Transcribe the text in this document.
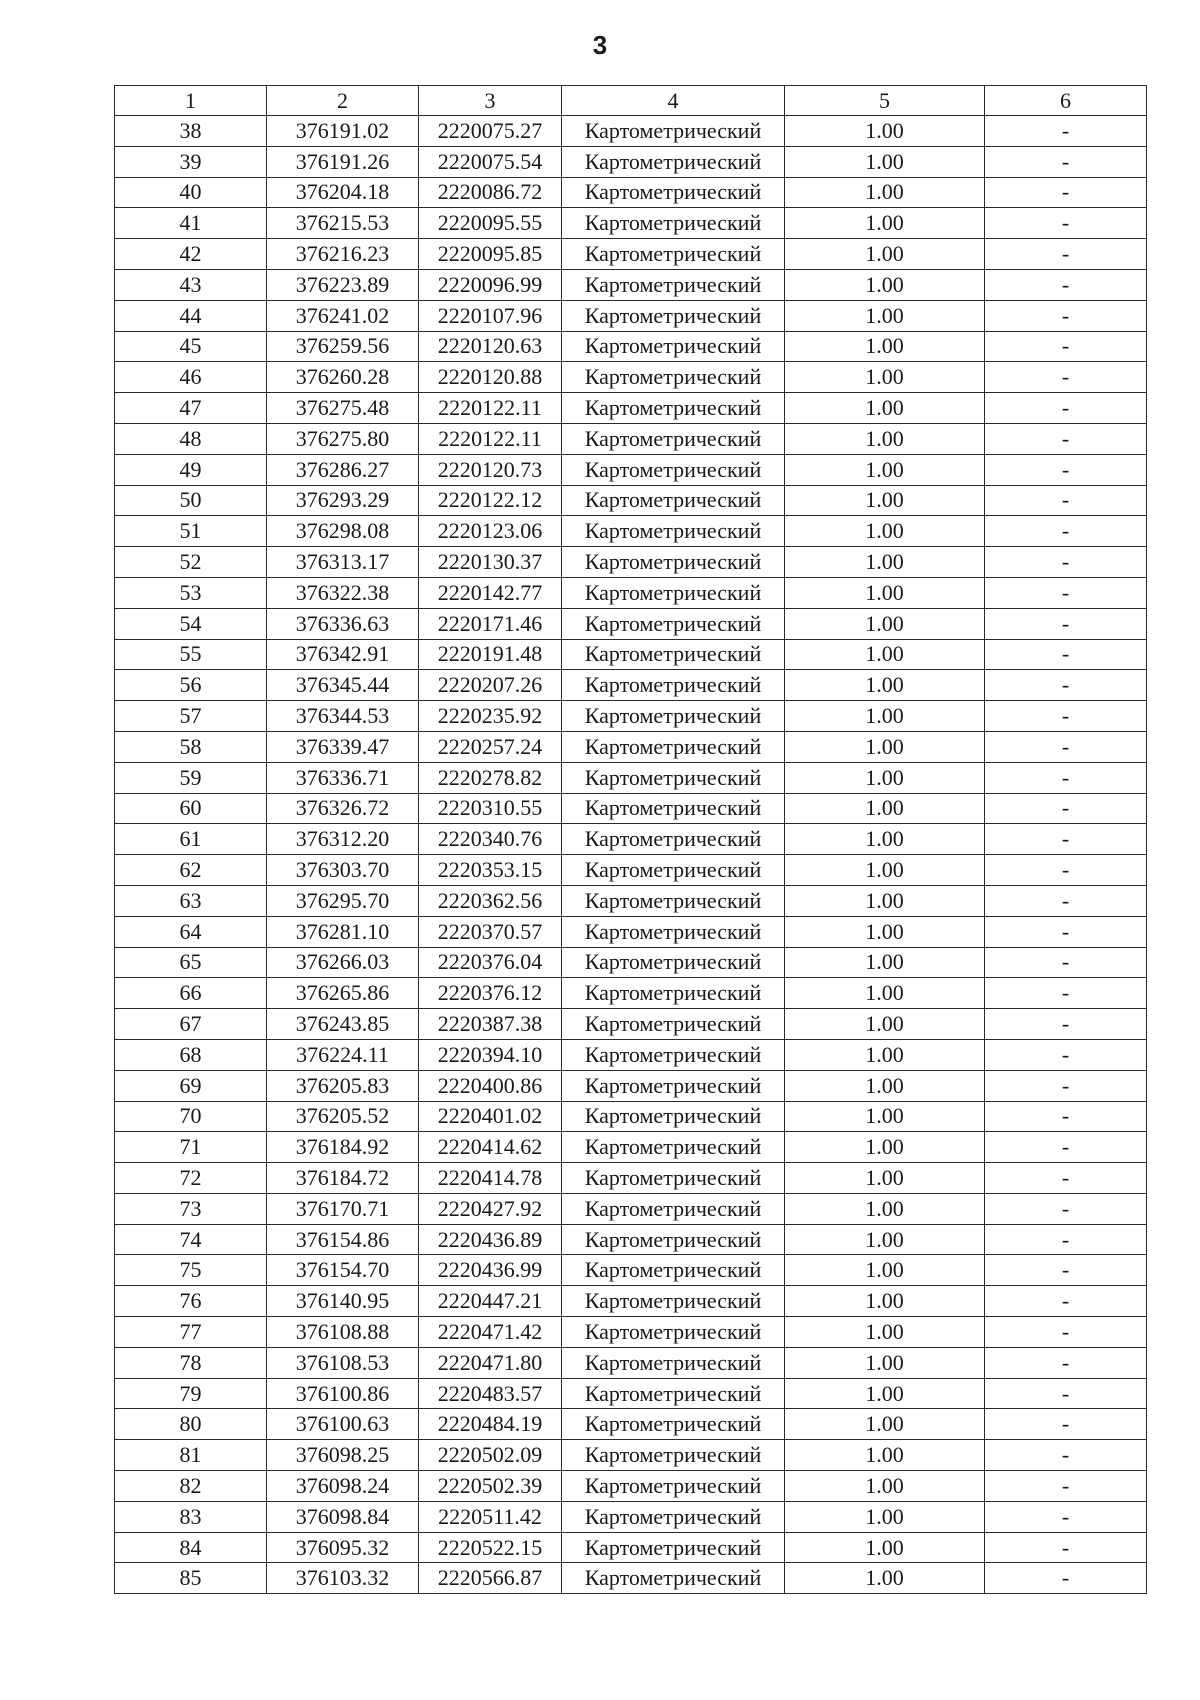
3
1	2	3	4	5	6
38	376191.02	2220075.27	Картометрический	1.00	-
39	376191.26	2220075.54	Картометрический	1.00	-
40	376204.18	2220086.72	Картометрический	1.00	-
41	376215.53	2220095.55	Картометрический	1.00	-
42	376216.23	2220095.85	Картометрический	1.00	-
43	376223.89	2220096.99	Картометрический	1.00	-
44	376241.02	2220107.96	Картометрический	1.00	-
45	376259.56	2220120.63	Картометрический	1.00	-
46	376260.28	2220120.88	Картометрический	1.00	-
47	376275.48	2220122.11	Картометрический	1.00	-
48	376275.80	2220122.11	Картометрический	1.00	-
49	376286.27	2220120.73	Картометрический	1.00	-
50	376293.29	2220122.12	Картометрический	1.00	-
51	376298.08	2220123.06	Картометрический	1.00	-
52	376313.17	2220130.37	Картометрический	1.00	-
53	376322.38	2220142.77	Картометрический	1.00	-
54	376336.63	2220171.46	Картометрический	1.00	-
55	376342.91	2220191.48	Картометрический	1.00	-
56	376345.44	2220207.26	Картометрический	1.00	-
57	376344.53	2220235.92	Картометрический	1.00	-
58	376339.47	2220257.24	Картометрический	1.00	-
59	376336.71	2220278.82	Картометрический	1.00	-
60	376326.72	2220310.55	Картометрический	1.00	-
61	376312.20	2220340.76	Картометрический	1.00	-
62	376303.70	2220353.15	Картометрический	1.00	-
63	376295.70	2220362.56	Картометрический	1.00	-
64	376281.10	2220370.57	Картометрический	1.00	-
65	376266.03	2220376.04	Картометрический	1.00	-
66	376265.86	2220376.12	Картометрический	1.00	-
67	376243.85	2220387.38	Картометрический	1.00	-
68	376224.11	2220394.10	Картометрический	1.00	-
69	376205.83	2220400.86	Картометрический	1.00	-
70	376205.52	2220401.02	Картометрический	1.00	-
71	376184.92	2220414.62	Картометрический	1.00	-
72	376184.72	2220414.78	Картометрический	1.00	-
73	376170.71	2220427.92	Картометрический	1.00	-
74	376154.86	2220436.89	Картометрический	1.00	-
75	376154.70	2220436.99	Картометрический	1.00	-
76	376140.95	2220447.21	Картометрический	1.00	-
77	376108.88	2220471.42	Картометрический	1.00	-
78	376108.53	2220471.80	Картометрический	1.00	-
79	376100.86	2220483.57	Картометрический	1.00	-
80	376100.63	2220484.19	Картометрический	1.00	-
81	376098.25	2220502.09	Картометрический	1.00	-
82	376098.24	2220502.39	Картометрический	1.00	-
83	376098.84	2220511.42	Картометрический	1.00	-
84	376095.32	2220522.15	Картометрический	1.00	-
85	376103.32	2220566.87	Картометрический	1.00	-
